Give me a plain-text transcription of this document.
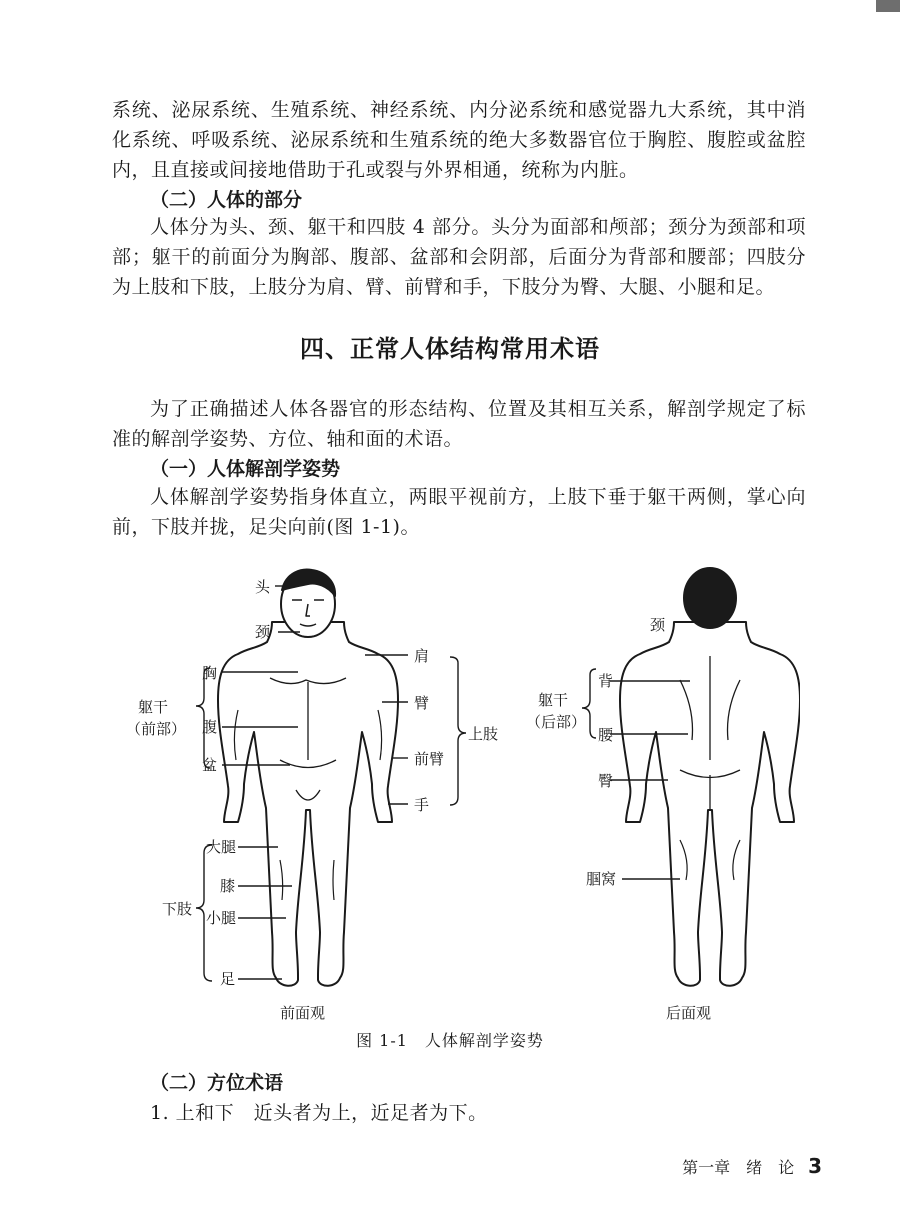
系统、泌尿系统、生殖系统、神经系统、内分泌系统和感觉器九大系统，其中消化系统、呼吸系统、泌尿系统和生殖系统的绝大多数器官位于胸腔、腹腔或盆腔内，且直接或间接地借助于孔或裂与外界相通，统称为内脏。

（二）人体的部分

人体分为头、颈、躯干和四肢 4 部分。头分为面部和颅部；颈分为颈部和项部；躯干的前面分为胸部、腹部、盆部和会阴部，后面分为背部和腰部；四肢分为上肢和下肢，上肢分为肩、臂、前臂和手，下肢分为臀、大腿、小腿和足。

四、正常人体结构常用术语

为了正确描述人体各器官的形态结构、位置及其相互关系，解剖学规定了标准的解剖学姿势、方位、轴和面的术语。

（一）人体解剖学姿势

人体解剖学姿势指身体直立，两眼平视前方，上肢下垂于躯干两侧，掌心向前，下肢并拢，足尖向前(图 1-1)。

头
颈
胸
腹
盆
躯干
（前部）
肩
臂
前臂
手
上肢
大腿
膝
小腿
足
下肢
前面观
颈
背
腰
躯干
（后部）
臀
腘窝
后面观

图 1-1　人体解剖学姿势

（二）方位术语

1. 上和下　近头者为上，近足者为下。

第一章　绪　论 3
